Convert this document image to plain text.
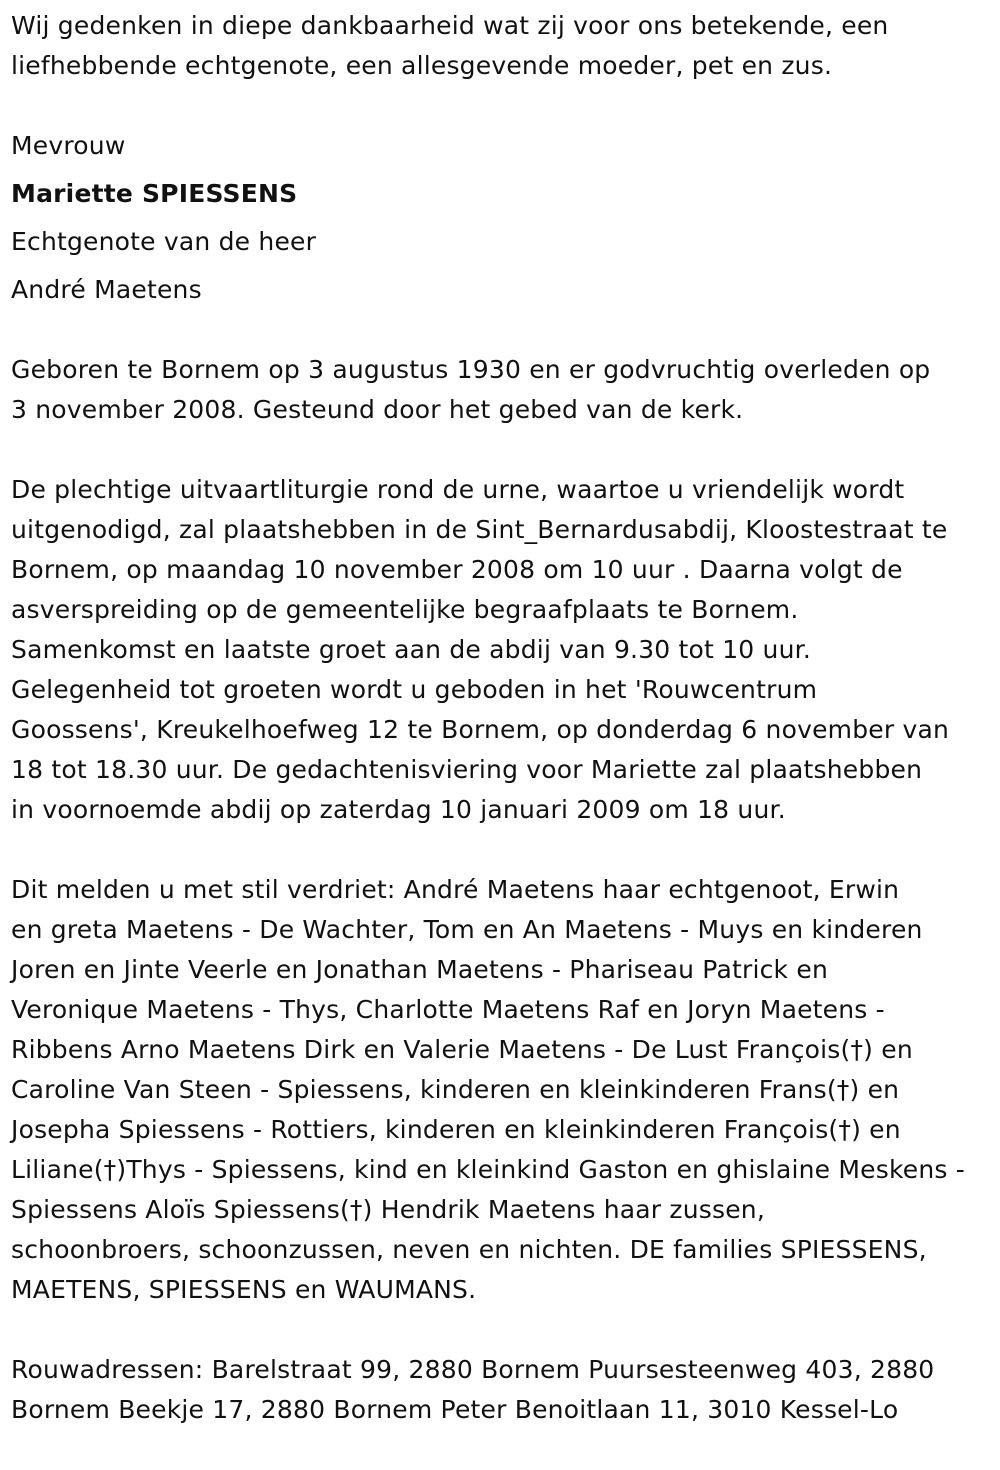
Wij gedenken in diepe dankbaarheid wat zij voor ons betekende, een
liefhebbende echtgenote, een allesgevende moeder, pet en zus.
Mevrouw
Mariette SPIESSENS
Echtgenote van de heer
André Maetens
Geboren te Bornem op 3 augustus 1930 en er godvruchtig overleden op
3 november 2008. Gesteund door het gebed van de kerk.
De plechtige uitvaartliturgie rond de urne, waartoe u vriendelijk wordt
uitgenodigd, zal plaatshebben in de Sint_Bernardusabdij, Kloostestraat te
Bornem, op maandag 10 november 2008 om 10 uur . Daarna volgt de
asverspreiding op de gemeentelijke begraafplaats te Bornem.
Samenkomst en laatste groet aan de abdij van 9.30 tot 10 uur.
Gelegenheid tot groeten wordt u geboden in het 'Rouwcentrum
Goossens', Kreukelhoefweg 12 te Bornem, op donderdag 6 november van
18 tot 18.30 uur. De gedachtenisviering voor Mariette zal plaatshebben
in voornoemde abdij op zaterdag 10 januari 2009 om 18 uur.
Dit melden u met stil verdriet: André Maetens haar echtgenoot, Erwin
en greta Maetens - De Wachter, Tom en An Maetens - Muys en kinderen
Joren en Jinte Veerle en Jonathan Maetens - Phariseau Patrick en
Veronique Maetens - Thys, Charlotte Maetens Raf en Joryn Maetens -
Ribbens Arno Maetens Dirk en Valerie Maetens - De Lust François(†) en
Caroline Van Steen - Spiessens, kinderen en kleinkinderen Frans(†) en
Josepha Spiessens - Rottiers, kinderen en kleinkinderen François(†) en
Liliane(†)Thys - Spiessens, kind en kleinkind Gaston en ghislaine Meskens -
Spiessens Aloïs Spiessens(†) Hendrik Maetens haar zussen,
schoonbroers, schoonzussen, neven en nichten. DE families SPIESSENS,
MAETENS, SPIESSENS en WAUMANS.
Rouwadressen: Barelstraat 99, 2880 Bornem Puursesteenweg 403, 2880
Bornem Beekje 17, 2880 Bornem Peter Benoitlaan 11, 3010 Kessel-Lo
